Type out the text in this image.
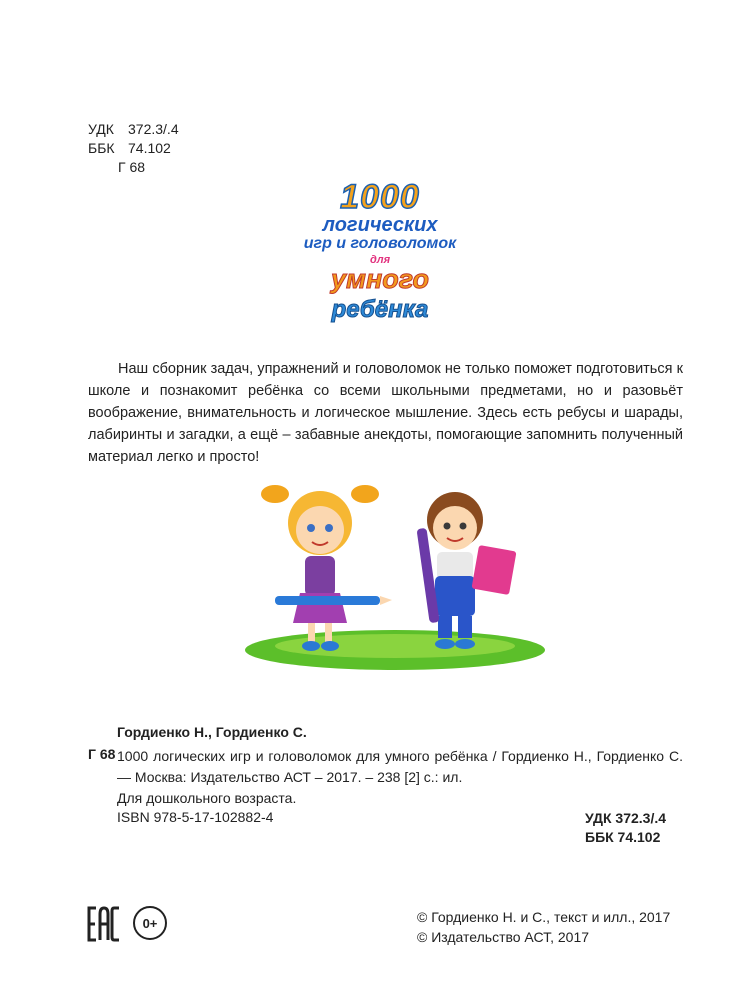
УДК 372.3/.4
ББК 74.102
Г 68
1000
логических
игр и головоломок
для
умного
ребёнка
Наш сборник задач, упражнений и головоломок не только поможет подготовиться к школе и познакомит ребёнка со всеми школьными предметами, но и разовьёт воображение, внимательность и логическое мышление. Здесь есть ребусы и шарады, лабиринты и загадки, а ещё – забавные анекдоты, помогающие запомнить полученный материал легко и просто!
Гордиенко Н., Гордиенко С.
Г 68 1000 логических игр и головоломок для умного ребёнка / Гордиенко Н., Гордиенко С. — Москва: Издательство АСТ – 2017. – 238 [2] с.: ил.

Для дошкольного возраста.

ISBN 978-5-17-102882-4	УДК 372.3/.4
ББК 74.102
0+	© Гордиенко Н. и С., текст и илл., 2017
© Издательство АСТ, 2017
